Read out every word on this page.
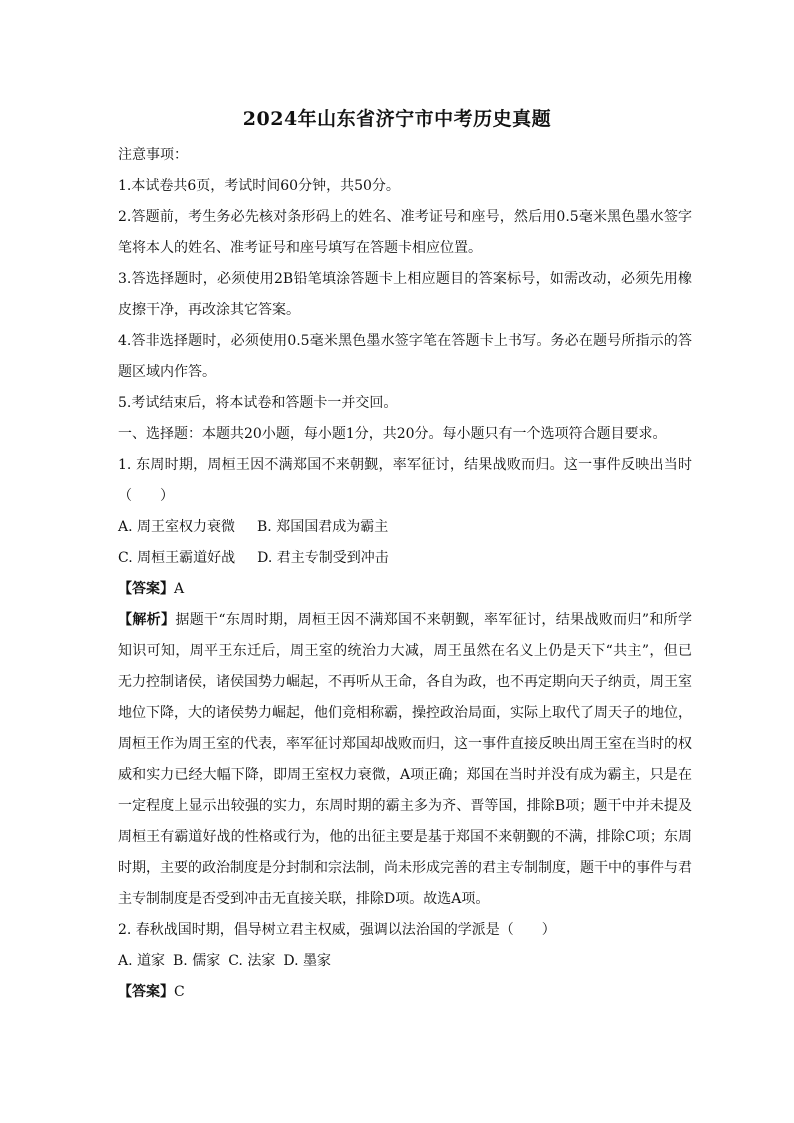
2024年山东省济宁市中考历史真题

注意事项：

1.本试卷共6页，考试时间60分钟，共50分。

2.答题前，考生务必先核对条形码上的姓名、准考证号和座号，然后用0.5毫米黑色墨水签字笔将本人的姓名、准考证号和座号填写在答题卡相应位置。

3.答选择题时，必须使用2B铅笔填涂答题卡上相应题目的答案标号，如需改动，必须先用橡皮擦干净，再改涂其它答案。

4.答非选择题时，必须使用0.5毫米黑色墨水签字笔在答题卡上书写。务必在题号所指示的答题区域内作答。

5.考试结束后，将本试卷和答题卡一并交回。

一、选择题：本题共20小题，每小题1分，共20分。每小题只有一个选项符合题目要求。

1. 东周时期，周桓王因不满郑国不来朝觐，率军征讨，结果战败而归。这一事件反映出当时（　　）

A. 周王室权力衰微 B. 郑国国君成为霸主

C. 周桓王霸道好战 D. 君主专制受到冲击

【答案】A

【解析】据题干“东周时期，周桓王因不满郑国不来朝觐，率军征讨，结果战败而归”和所学知识可知，周平王东迁后，周王室的统治力大减，周王虽然在名义上仍是天下“共主”，但已无力控制诸侯，诸侯国势力崛起，不再听从王命，各自为政，也不再定期向天子纳贡，周王室地位下降，大的诸侯势力崛起，他们竞相称霸，操控政治局面，实际上取代了周天子的地位，周桓王作为周王室的代表，率军征讨郑国却战败而归，这一事件直接反映出周王室在当时的权威和实力已经大幅下降，即周王室权力衰微，A项正确；郑国在当时并没有成为霸主，只是在一定程度上显示出较强的实力，东周时期的霸主多为齐、晋等国，排除B项；题干中并未提及周桓王有霸道好战的性格或行为，他的出征主要是基于郑国不来朝觐的不满，排除C项；东周时期，主要的政治制度是分封制和宗法制，尚未形成完善的君主专制制度，题干中的事件与君主专制制度是否受到冲击无直接关联，排除D项。故选A项。

2. 春秋战国时期，倡导树立君主权威，强调以法治国的学派是（　　）

A. 道家 B. 儒家 C. 法家 D. 墨家

【答案】C
